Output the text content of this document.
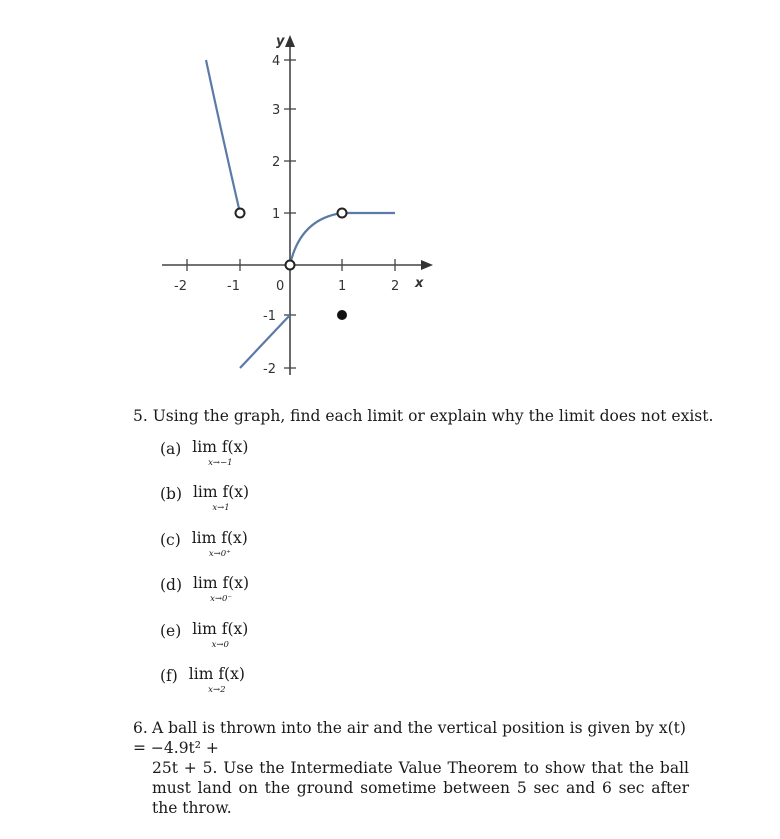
y
x
4
3
2
1
-1
-2
-2	-1	0	1	2
5. Using the graph, find each limit or explain why the limit does not exist.
(a) lim f(x)
x→−1
(b) lim f(x)
x→1
(c) lim f(x)
x→0⁺
(d) lim f(x)
x→0⁻
(e) lim f(x)
x→0
(f) lim f(x)
x→2
6. A ball is thrown into the air and the vertical position is given by x(t) = −4.9t² +
25t + 5. Use the Intermediate Value Theorem to show that the ball must land on the ground sometime between 5 sec and 6 sec after the throw.
